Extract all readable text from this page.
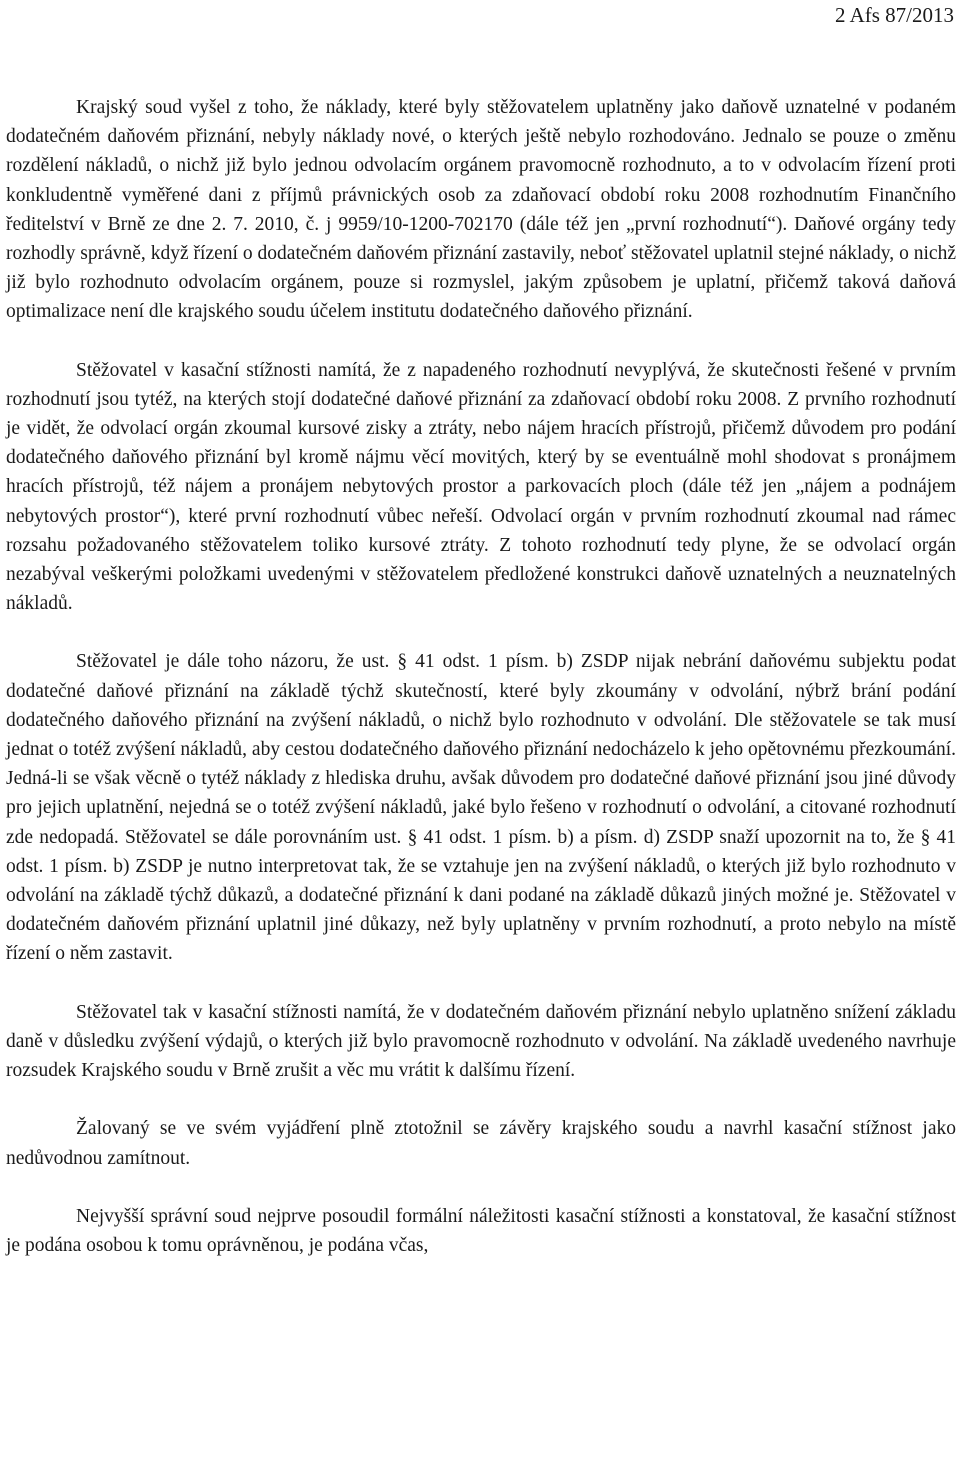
2 Afs 87/2013

Krajský soud vyšel z toho, že náklady, které byly stěžovatelem uplatněny jako daňově uznatelné v podaném dodatečném daňovém přiznání, nebyly náklady nové, o kterých ještě nebylo rozhodováno. Jednalo se pouze o změnu rozdělení nákladů, o nichž již bylo jednou odvolacím orgánem pravomocně rozhodnuto, a to v odvolacím řízení proti konkludentně vyměřené dani z příjmů právnických osob za zdaňovací období roku 2008 rozhodnutím Finančního ředitelství v Brně ze dne 2. 7. 2010, č. j 9959/10-1200-702170 (dále též jen „první rozhodnutí“). Daňové orgány tedy rozhodly správně, když řízení o dodatečném daňovém přiznání zastavily, neboť stěžovatel uplatnil stejné náklady, o nichž již bylo rozhodnuto odvolacím orgánem, pouze si rozmyslel, jakým způsobem je uplatní, přičemž taková daňová optimalizace není dle krajského soudu účelem institutu dodatečného daňového přiznání.

Stěžovatel v kasační stížnosti namítá, že z napadeného rozhodnutí nevyplývá, že skutečnosti řešené v prvním rozhodnutí jsou tytéž, na kterých stojí dodatečné daňové přiznání za zdaňovací období roku 2008. Z prvního rozhodnutí je vidět, že odvolací orgán zkoumal kursové zisky a ztráty, nebo nájem hracích přístrojů, přičemž důvodem pro podání dodatečného daňového přiznání byl kromě nájmu věcí movitých, který by se eventuálně mohl shodovat s pronájmem hracích přístrojů, též nájem a pronájem nebytových prostor a parkovacích ploch (dále též jen „nájem a podnájem nebytových prostor“), které první rozhodnutí vůbec neřeší. Odvolací orgán v prvním rozhodnutí zkoumal nad rámec rozsahu požadovaného stěžovatelem toliko kursové ztráty. Z tohoto rozhodnutí tedy plyne, že se odvolací orgán nezabýval veškerými položkami uvedenými v stěžovatelem předložené konstrukci daňově uznatelných a neuznatelných nákladů.

Stěžovatel je dále toho názoru, že ust. § 41 odst. 1 písm. b) ZSDP nijak nebrání daňovému subjektu podat dodatečné daňové přiznání na základě týchž skutečností, které byly zkoumány v odvolání, nýbrž brání podání dodatečného daňového přiznání na zvýšení nákladů, o nichž bylo rozhodnuto v odvolání. Dle stěžovatele se tak musí jednat o totéž zvýšení nákladů, aby cestou dodatečného daňového přiznání nedocházelo k jeho opětovnému přezkoumání. Jedná-li se však věcně o tytéž náklady z hlediska druhu, avšak důvodem pro dodatečné daňové přiznání jsou jiné důvody pro jejich uplatnění, nejedná se o totéž zvýšení nákladů, jaké bylo řešeno v rozhodnutí o odvolání, a citované rozhodnutí zde nedopadá. Stěžovatel se dále porovnáním ust. § 41 odst. 1 písm. b) a písm. d) ZSDP snaží upozornit na to, že § 41 odst. 1 písm. b) ZSDP je nutno interpretovat tak, že se vztahuje jen na zvýšení nákladů, o kterých již bylo rozhodnuto v odvolání na základě týchž důkazů, a dodatečné přiznání k dani podané na základě důkazů jiných možné je. Stěžovatel v dodatečném daňovém přiznání uplatnil jiné důkazy, než byly uplatněny v prvním rozhodnutí, a proto nebylo na místě řízení o něm zastavit.

Stěžovatel tak v kasační stížnosti namítá, že v dodatečném daňovém přiznání nebylo uplatněno snížení základu daně v důsledku zvýšení výdajů, o kterých již bylo pravomocně rozhodnuto v odvolání. Na základě uvedeného navrhuje rozsudek Krajského soudu v Brně zrušit a věc mu vrátit k dalšímu řízení.

Žalovaný se ve svém vyjádření plně ztotožnil se závěry krajského soudu a navrhl kasační stížnost jako nedůvodnou zamítnout.

Nejvyšší správní soud nejprve posoudil formální náležitosti kasační stížnosti a konstatoval, že kasační stížnost je podána osobou k tomu oprávněnou, je podána včas,
